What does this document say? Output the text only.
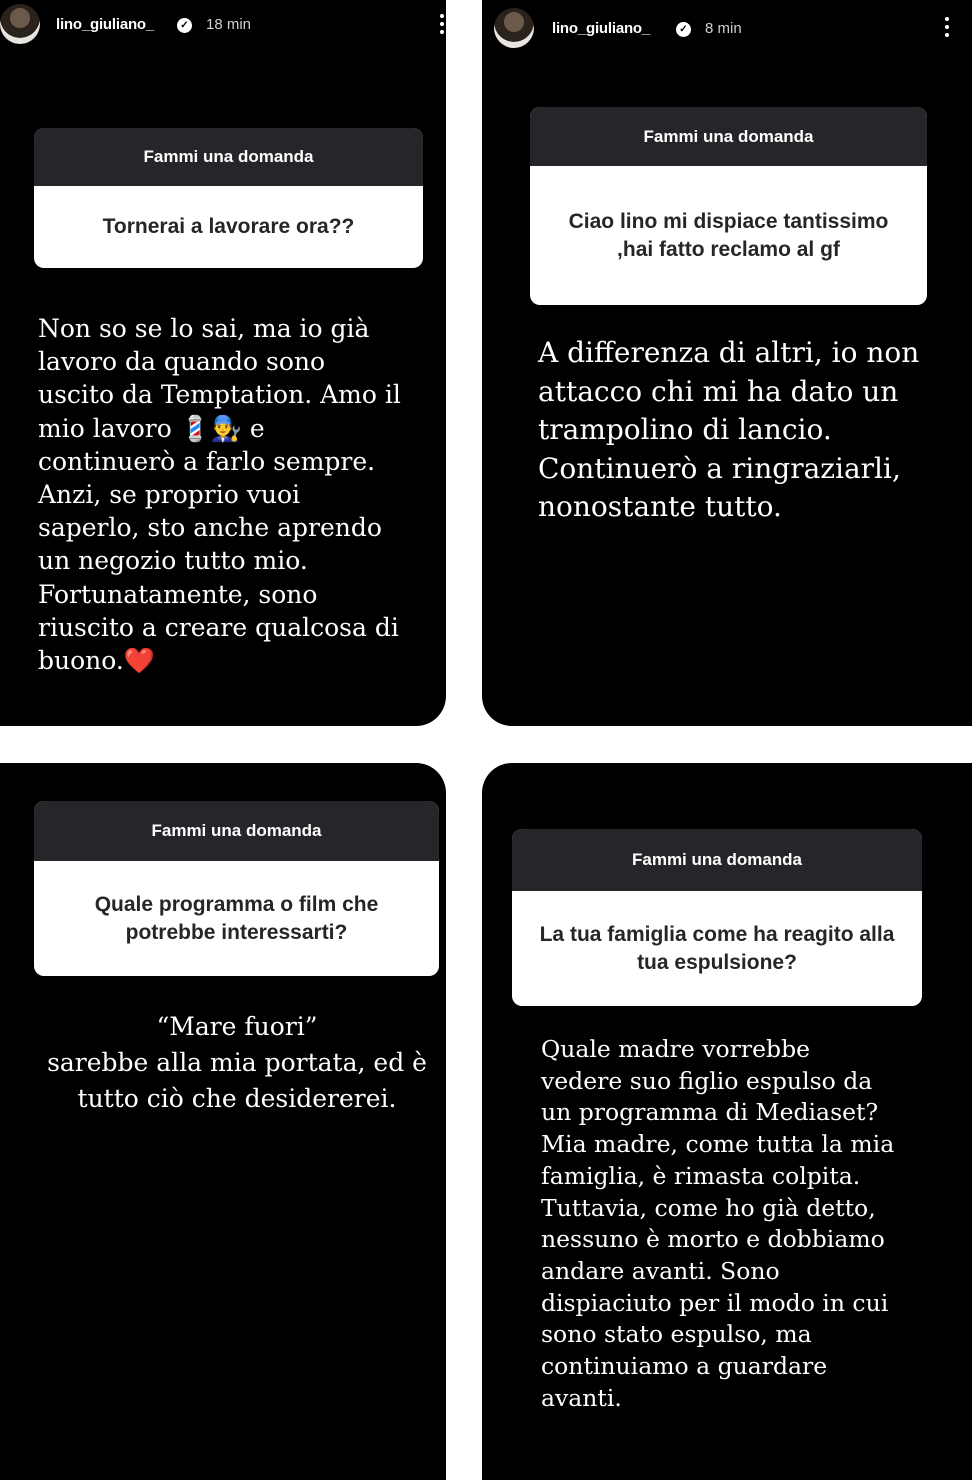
lino_giuliano_	✓ 18 min
Fammi una domanda
Tornerai a lavorare ora??
Non so se lo sai, ma io già lavoro da quando sono uscito da Temptation. Amo il mio lavoro 💈👨‍🔧 e continuerò a farlo sempre. Anzi, se proprio vuoi saperlo, sto anche aprendo un negozio tutto mio.
Fortunatamente, sono riuscito a creare qualcosa di buono.❤️
lino_giuliano_	✓ 8 min
Fammi una domanda
Ciao lino mi dispiace tantissimo ,hai fatto reclamo al gf
A differenza di altri, io non attacco chi mi ha dato un trampolino di lancio. Continuerò a ringraziarli, nonostante tutto.
Fammi una domanda
Quale programma o film che potrebbe interessarti?
“Mare fuori”
sarebbe alla mia portata, ed è tutto ciò che desidererei.
Fammi una domanda
La tua famiglia come ha reagito alla tua espulsione?
Quale madre vorrebbe vedere suo figlio espulso da un programma di Mediaset? Mia madre, come tutta la mia famiglia, è rimasta colpita. Tuttavia, come ho già detto, nessuno è morto e dobbiamo andare avanti. Sono dispiaciuto per il modo in cui sono stato espulso, ma continuiamo a guardare avanti.
